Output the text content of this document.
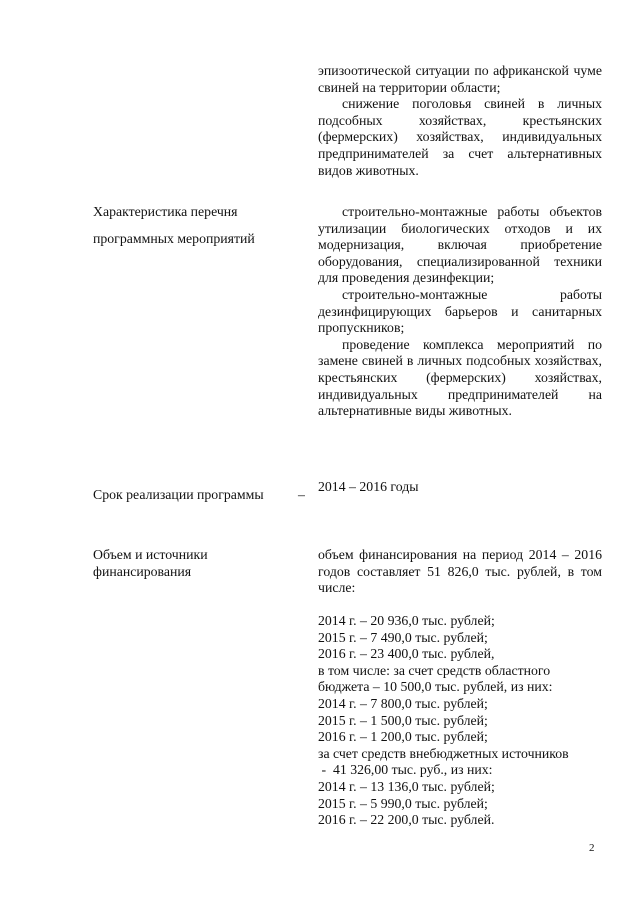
эпизоотической ситуации по африканской чуме свиней на территории области;

снижение поголовья свиней в личных подсобных хозяйствах, крестьянских (фермерских) хозяйствах, индивидуальных предпринимателей за счет альтернативных видов животных.

Характеристика перечня

программных мероприятий

строительно-монтажные работы объектов утилизации биологических отходов и их модернизация, включая приобретение оборудования, специализированной техники для проведения дезинфекции;

строительно-монтажные работы дезинфицирующих барьеров и санитарных пропускников;

проведение комплекса мероприятий по замене свиней в личных подсобных хозяйствах, крестьянских (фермерских) хозяйствах, индивидуальных предпринимателей на альтернативные виды животных.

Срок реализации программы	–

2014 – 2016 годы

Объем и источники

финансирования

объем финансирования на период 2014 – 2016 годов составляет 51 826,0 тыс. рублей, в том числе:

2014 г. – 20 936,0 тыс. рублей;
2015 г. – 7 490,0 тыс. рублей;
2016 г. – 23 400,0 тыс. рублей,
в том числе: за счет средств областного
бюджета – 10 500,0 тыс. рублей, из них:
2014 г. – 7 800,0 тыс. рублей;
2015 г. – 1 500,0 тыс. рублей;
2016 г. – 1 200,0 тыс. рублей;
за счет средств внебюджетных источников
-  41 326,00 тыс. руб., из них:
2014 г. – 13 136,0 тыс. рублей;
2015 г. – 5 990,0 тыс. рублей;
2016 г. – 22 200,0 тыс. рублей.
2
